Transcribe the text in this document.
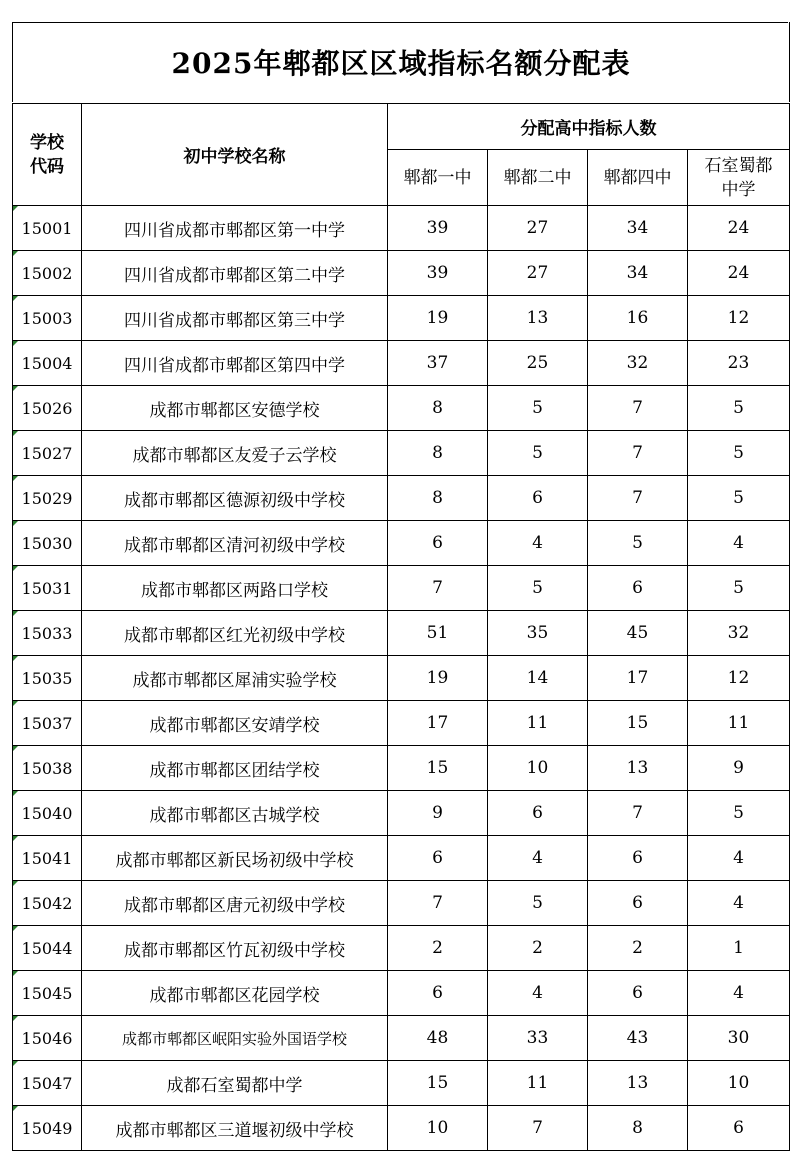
2025年郫都区区域指标名额分配表
学校
代码	初中学校名称	分配高中指标人数			
		郫都一中	郫都二中	郫都四中	石室蜀都
中学

15001	四川省成都市郫都区第一中学	39	27	34	24
15002	四川省成都市郫都区第二中学	39	27	34	24
15003	四川省成都市郫都区第三中学	19	13	16	12
15004	四川省成都市郫都区第四中学	37	25	32	23
15026	成都市郫都区安德学校	8	5	7	5
15027	成都市郫都区友爱子云学校	8	5	7	5
15029	成都市郫都区德源初级中学校	8	6	7	5
15030	成都市郫都区清河初级中学校	6	4	5	4
15031	成都市郫都区两路口学校	7	5	6	5
15033	成都市郫都区红光初级中学校	51	35	45	32
15035	成都市郫都区犀浦实验学校	19	14	17	12
15037	成都市郫都区安靖学校	17	11	15	11
15038	成都市郫都区团结学校	15	10	13	9
15040	成都市郫都区古城学校	9	6	7	5
15041	成都市郫都区新民场初级中学校	6	4	6	4
15042	成都市郫都区唐元初级中学校	7	5	6	4
15044	成都市郫都区竹瓦初级中学校	2	2	2	1
15045	成都市郫都区花园学校	6	4	6	4
15046	成都市郫都区岷阳实验外国语学校	48	33	43	30
15047	成都石室蜀都中学	15	11	13	10
15049	成都市郫都区三道堰初级中学校	10	7	8	6
